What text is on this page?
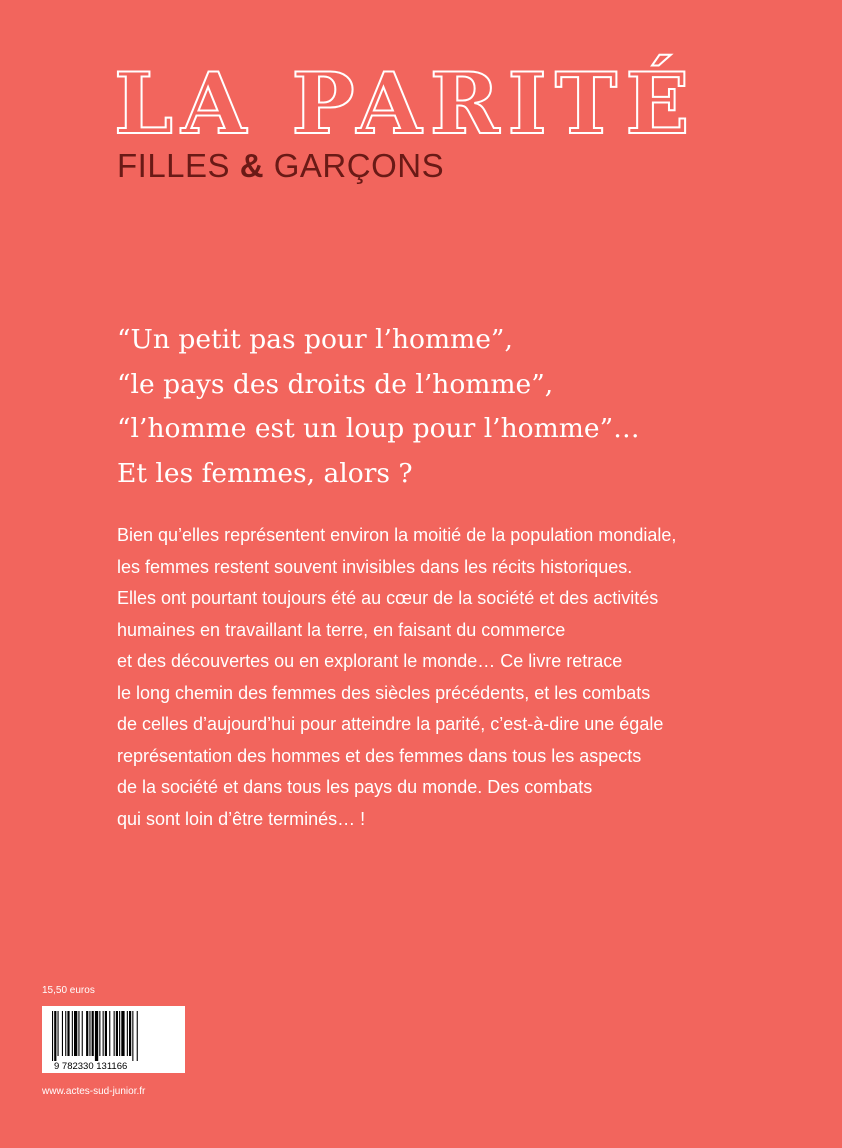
LA PARITÉ
FILLES & GARÇONS
“Un petit pas pour l’homme”,
“le pays des droits de l’homme”,
“l’homme est un loup pour l’homme”…
Et les femmes, alors ?
Bien qu’elles représentent environ la moitié de la population mondiale,
les femmes restent souvent invisibles dans les récits historiques.
Elles ont pourtant toujours été au cœur de la société et des activités
humaines en travaillant la terre, en faisant du commerce
et des découvertes ou en explorant le monde… Ce livre retrace
le long chemin des femmes des siècles précédents, et les combats
de celles d’aujourd’hui pour atteindre la parité, c’est-à-dire une égale
représentation des hommes et des femmes dans tous les aspects
de la société et dans tous les pays du monde. Des combats
qui sont loin d’être terminés… !
15,50 euros
9 782330 131166
www.actes-sud-junior.fr
